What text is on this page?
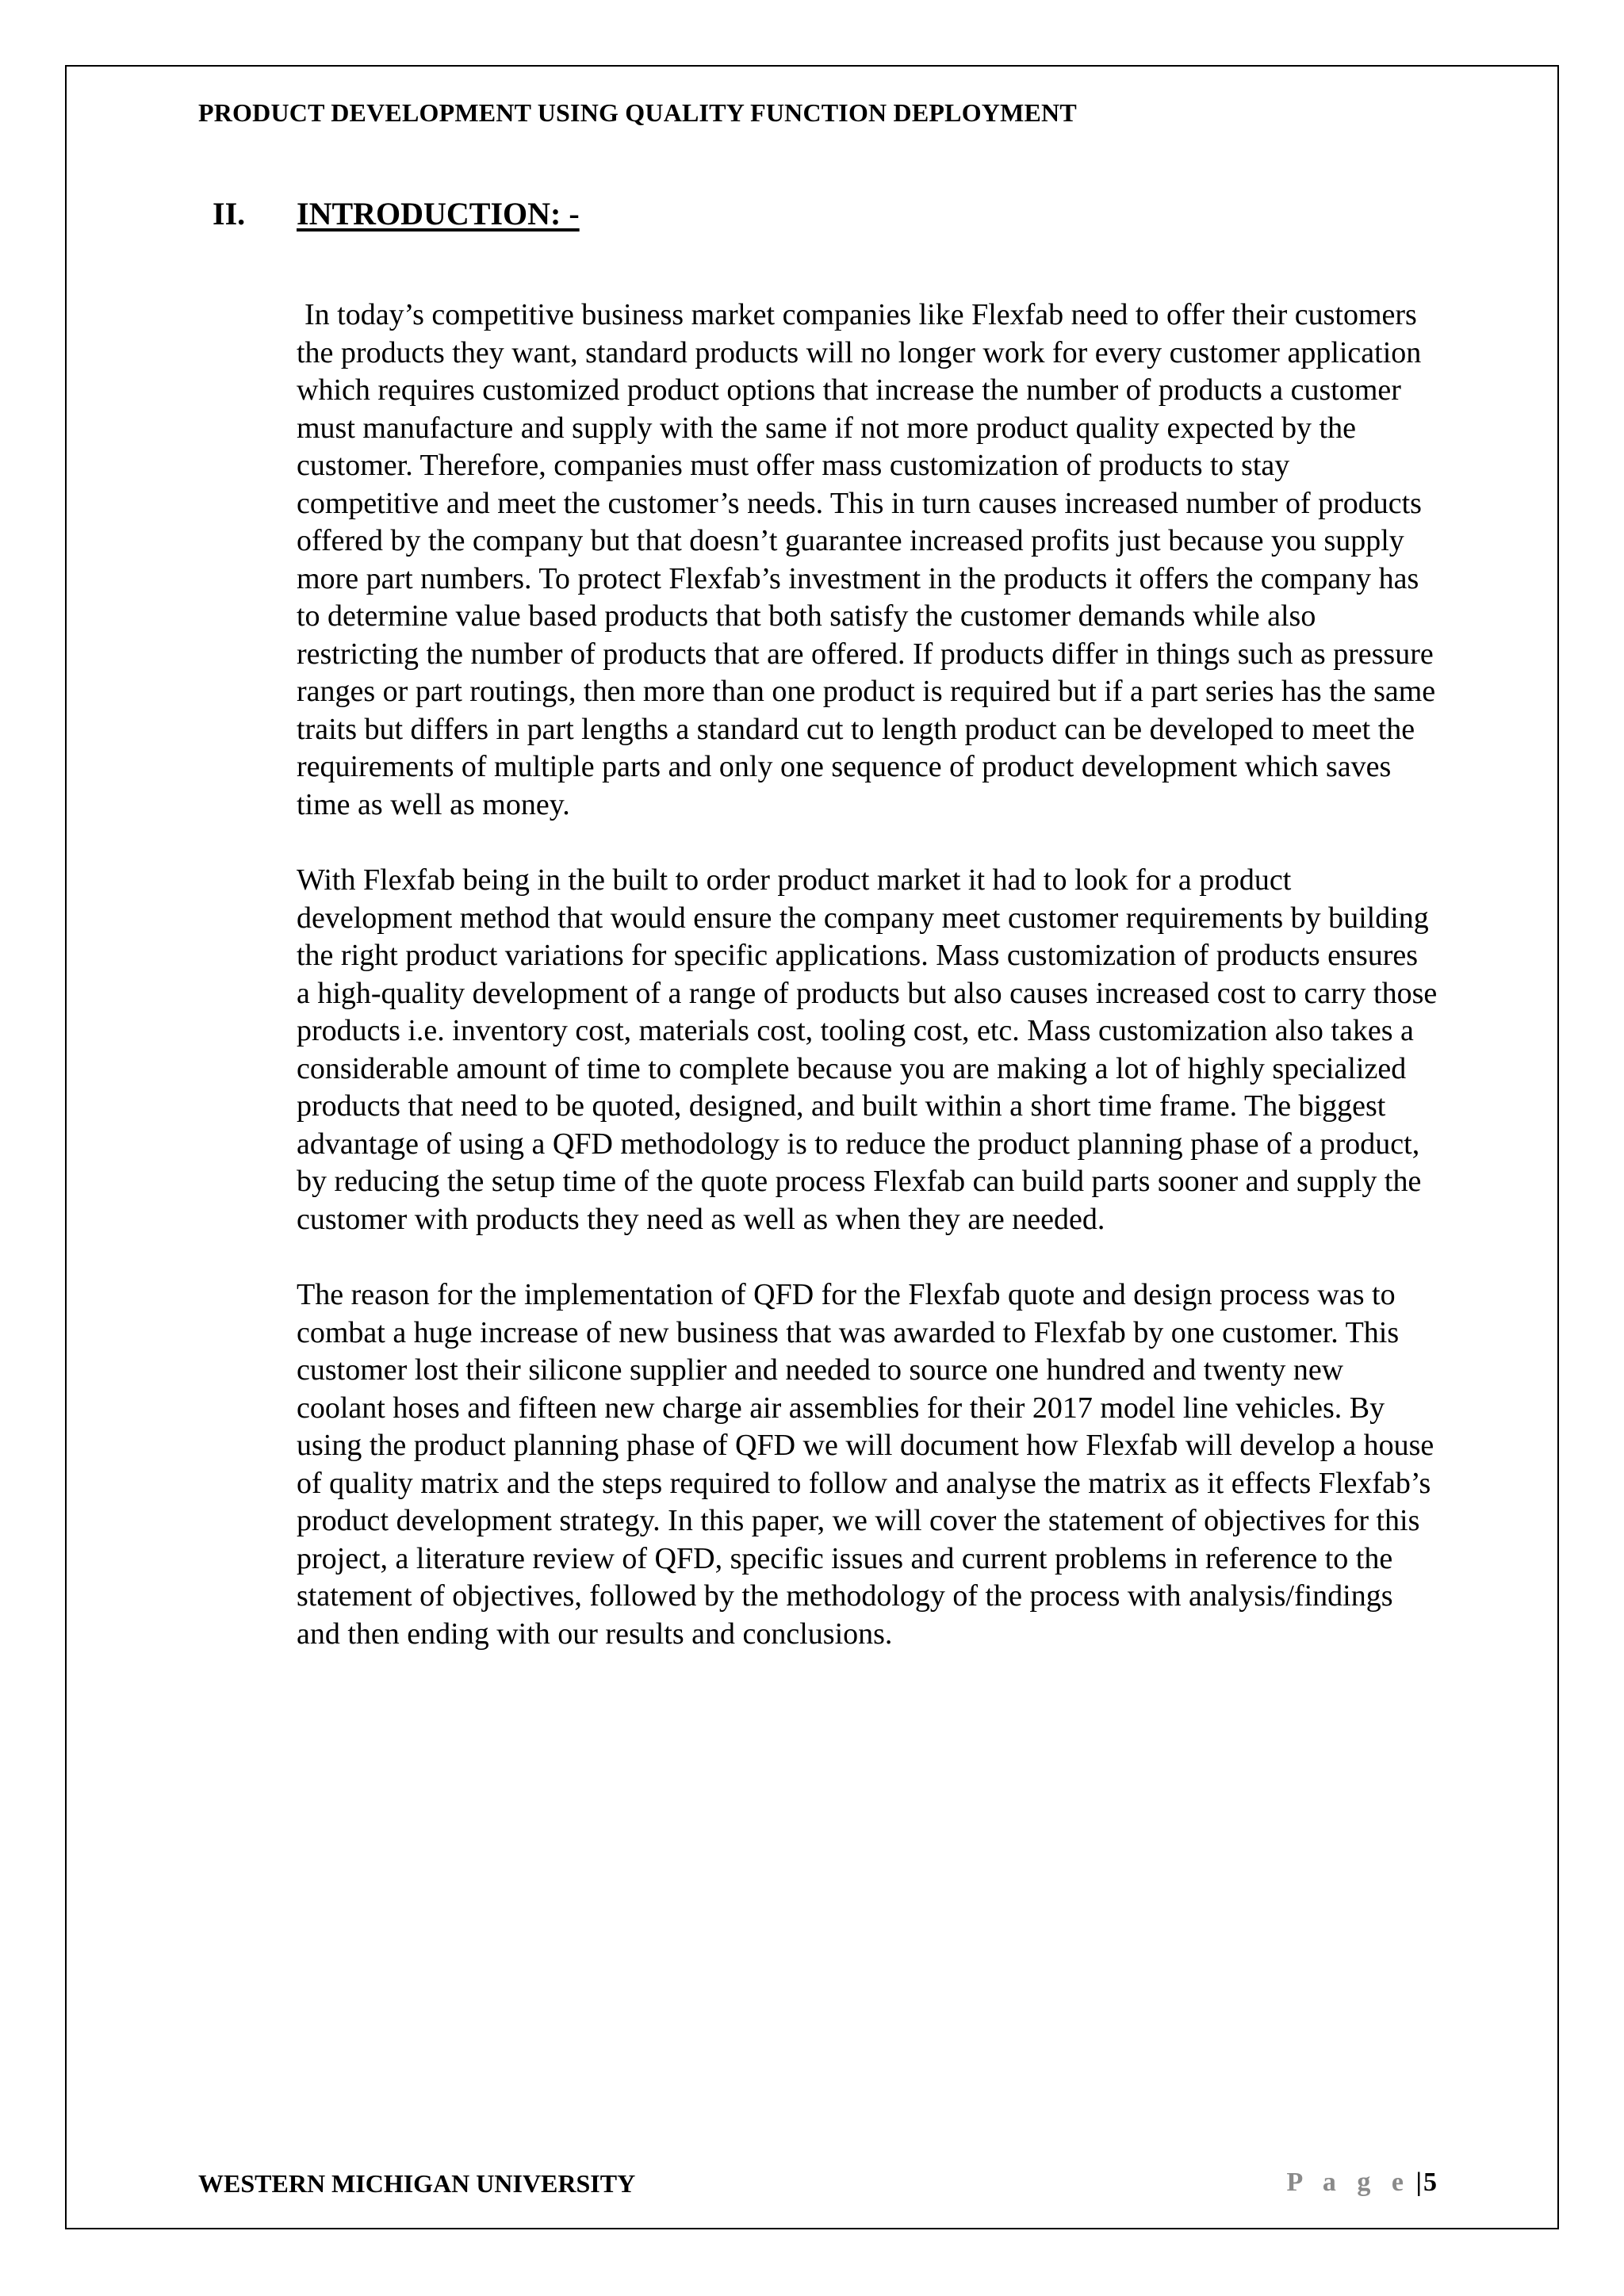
PRODUCT DEVELOPMENT USING QUALITY FUNCTION DEPLOYMENT
II. INTRODUCTION: -

In today’s competitive business market companies like Flexfab need to offer their customers the products they want, standard products will no longer work for every customer application which requires customized product options that increase the number of products a customer must manufacture and supply with the same if not more product quality expected by the customer. Therefore, companies must offer mass customization of products to stay competitive and meet the customer’s needs. This in turn causes increased number of products offered by the company but that doesn’t guarantee increased profits just because you supply more part numbers. To protect Flexfab’s investment in the products it offers the company has to determine value based products that both satisfy the customer demands while also restricting the number of products that are offered. If products differ in things such as pressure ranges or part routings, then more than one product is required but if a part series has the same traits but differs in part lengths a standard cut to length product can be developed to meet the requirements of multiple parts and only one sequence of product development which saves time as well as money.

With Flexfab being in the built to order product market it had to look for a product development method that would ensure the company meet customer requirements by building the right product variations for specific applications. Mass customization of products ensures a high-quality development of a range of products but also causes increased cost to carry those products i.e. inventory cost, materials cost, tooling cost, etc. Mass customization also takes a considerable amount of time to complete because you are making a lot of highly specialized products that need to be quoted, designed, and built within a short time frame. The biggest advantage of using a QFD methodology is to reduce the product planning phase of a product, by reducing the setup time of the quote process Flexfab can build parts sooner and supply the customer with products they need as well as when they are needed.

The reason for the implementation of QFD for the Flexfab quote and design process was to combat a huge increase of new business that was awarded to Flexfab by one customer. This customer lost their silicone supplier and needed to source one hundred and twenty new coolant hoses and fifteen new charge air assemblies for their 2017 model line vehicles. By using the product planning phase of QFD we will document how Flexfab will develop a house of quality matrix and the steps required to follow and analyse the matrix as it effects Flexfab’s product development strategy. In this paper, we will cover the statement of objectives for this project, a literature review of QFD, specific issues and current problems in reference to the statement of objectives, followed by the methodology of the process with analysis/findings and then ending with our results and conclusions.

WESTERN MICHIGAN UNIVERSITY	P a g e |5
